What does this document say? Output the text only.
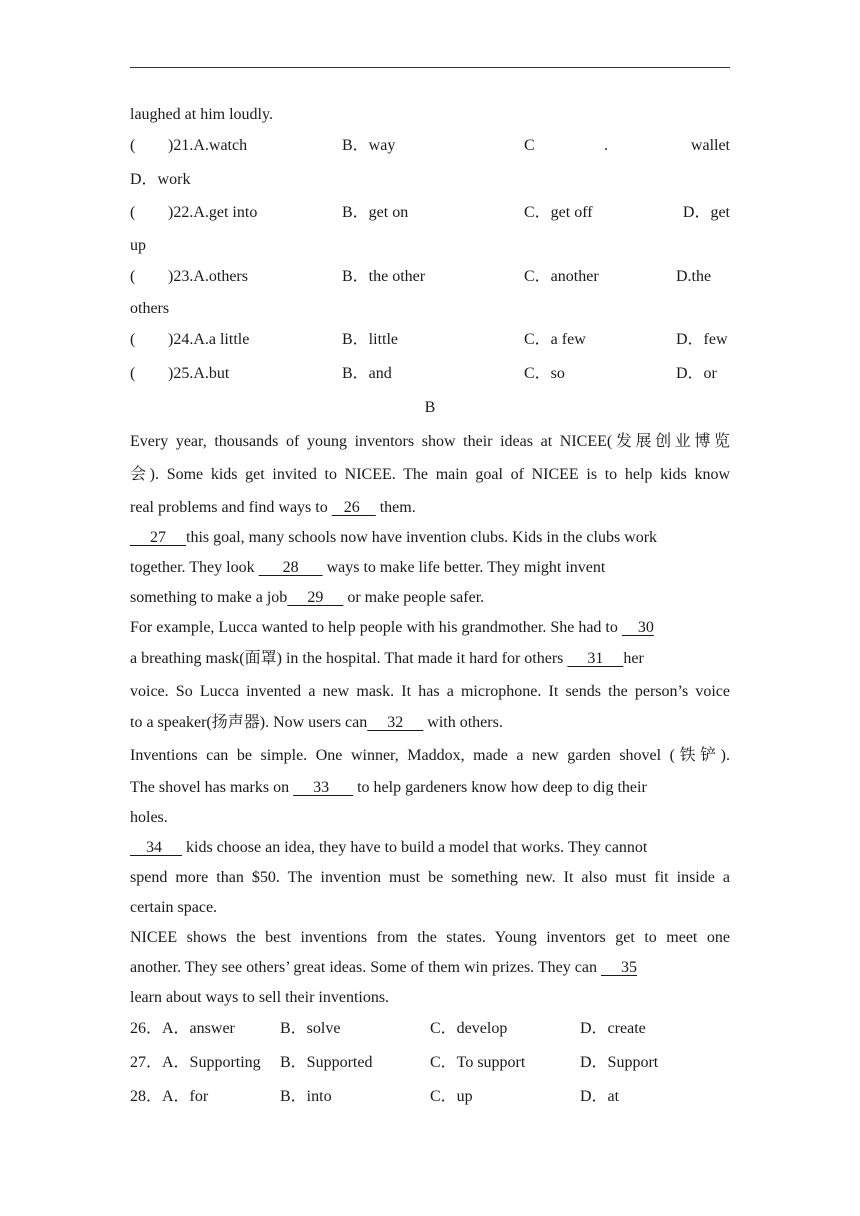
laughed at him loudly.
( )21.A.watch	B．way	C	.	wallet
D．work
( )22.A.get into	B．get on	C．get off	D．get
up
( )23.A.others	B．the other	C．another	D.the
others
( )24.A.a little	B．little	C．a few	D．few
( )25.A.but	B．and	C．so	D．or
B
Every year, thousands of young inventors show their ideas at NICEE(发展创业博览
会). Some kids get invited to NICEE. The main goal of NICEE is to help kids know
real problems and find ways to    26     them.
27     this goal, many schools now have invention clubs. Kids in the clubs work
together. They look       28       ways to make life better. They might invent
something to make a job     29      or make people safer.
For example, Lucca wanted to help people with his grandmother. She had to     30
a breathing mask(面罩) in the hospital. That made it hard for others      31     her
voice. So Lucca invented a new mask. It has a microphone. It sends the person’s voice
to a speaker(扬声器). Now users can     32      with others.
Inventions can be simple. One winner, Maddox, made a new garden shovel (铁铲).
The shovel has marks on      33       to help gardeners know how deep to dig their
holes.
34      kids choose an idea, they have to build a model that works. They cannot
spend more than $50. The invention must be something new. It also must fit inside a
certain space.
NICEE shows the best inventions from the states. Young inventors get to meet one
another. They see others’ great ideas. Some of them win prizes. They can      35
learn about ways to sell their inventions.
26．A．answer	B．solve	C．develop	D．create
27．A．Supporting B．Supported	C．To support	D．Support
28．A．for	B．into	C．up	D．at
